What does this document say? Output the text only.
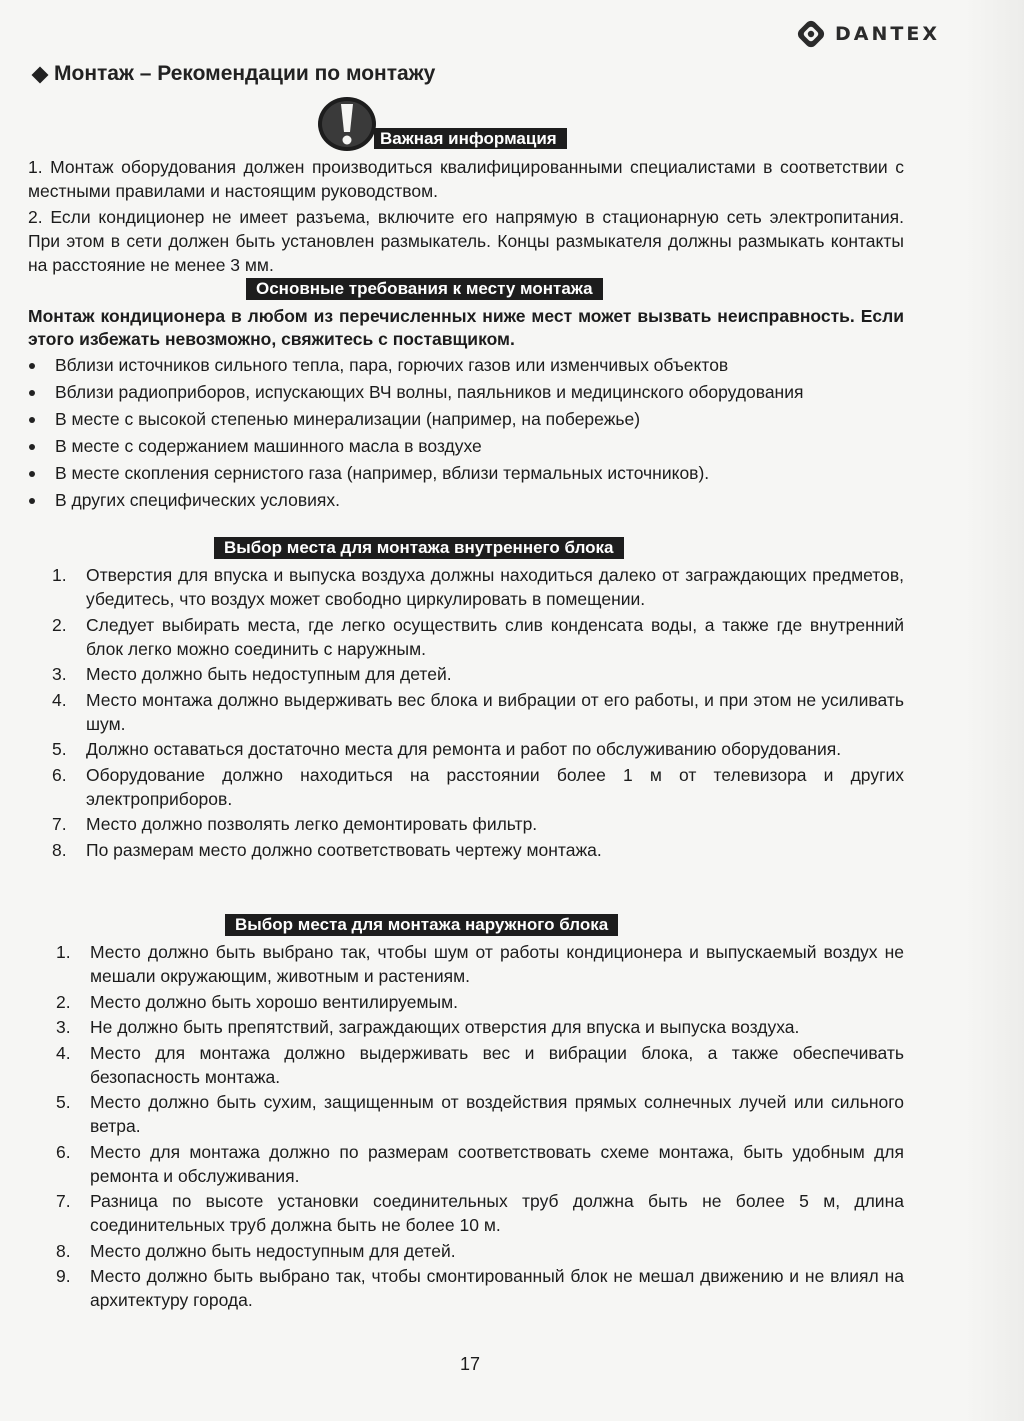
DANTEX
Монтаж – Рекомендации по монтажу
Важная информация

1. Монтаж оборудования должен производиться квалифицированными специалистами в соответствии с местными правилами и настоящим руководством.

2. Если кондиционер не имеет разъема, включите его напрямую в стационарную сеть электропитания. При этом в сети должен быть установлен размыкатель. Концы размыкателя должны размыкать контакты на расстояние не менее 3 мм.

Основные требования к месту монтажа
Монтаж кондиционера в любом из перечисленных ниже мест может вызвать неисправность. Если этого избежать невозможно, свяжитесь с поставщиком.
Вблизи источников сильного тепла, пара, горючих газов или изменчивых объектов
Вблизи радиоприборов, испускающих ВЧ волны, паяльников и медицинского оборудования
В месте с высокой степенью минерализации (например, на побережье)
В месте с содержанием машинного масла в воздухе
В месте скопления сернистого газа (например, вблизи термальных источников).
В других специфических условиях.
Выбор места для монтажа внутреннего блока
1. Отверстия для впуска и выпуска воздуха должны находиться далеко от заграждающих предметов, убедитесь, что воздух может свободно циркулировать в помещении.
2. Следует выбирать места, где легко осуществить слив конденсата воды, а также где внутренний блок легко можно соединить с наружным.
3. Место должно быть недоступным для детей.
4. Место монтажа должно выдерживать вес блока и вибрации от его работы, и при этом не усиливать шум.
5. Должно оставаться достаточно места для ремонта и работ по обслуживанию оборудования.
6. Оборудование должно находиться на расстоянии более 1 м от телевизора и других электроприборов.
7. Место должно позволять легко демонтировать фильтр.
8. По размерам место должно соответствовать чертежу монтажа.
Выбор места для монтажа наружного блока
1. Место должно быть выбрано так, чтобы шум от работы кондиционера и выпускаемый воздух не мешали окружающим, животным и растениям.
2. Место должно быть хорошо вентилируемым.
3. Не должно быть препятствий, заграждающих отверстия для впуска и выпуска воздуха.
4. Место для монтажа должно выдерживать вес и вибрации блока, а также обеспечивать безопасность монтажа.
5. Место должно быть сухим, защищенным от воздействия прямых солнечных лучей или сильного ветра.
6. Место для монтажа должно по размерам соответствовать схеме монтажа, быть удобным для ремонта и обслуживания.
7. Разница по высоте установки соединительных труб должна быть не более 5 м, длина соединительных труб должна быть не более 10 м.
8. Место должно быть недоступным для детей.
9. Место должно быть выбрано так, чтобы смонтированный блок не мешал движению и не влиял на архитектуру города.
17
